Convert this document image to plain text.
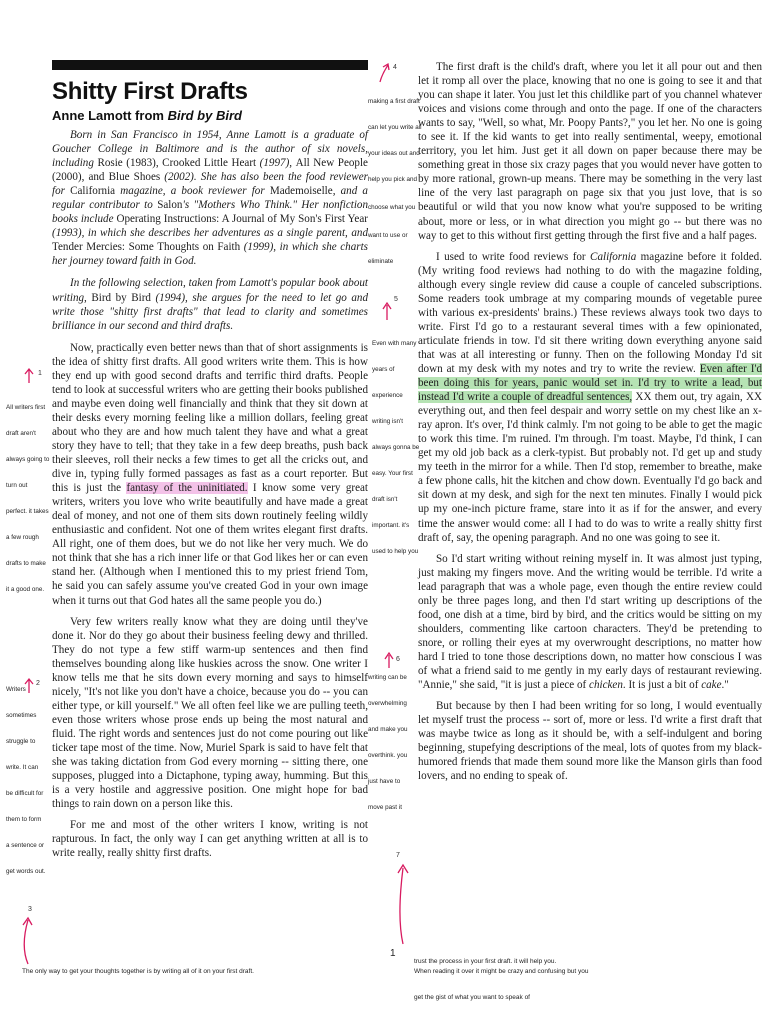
Shitty First Drafts
Anne Lamott from Bird by Bird

Born in San Francisco in 1954, Anne Lamott is a graduate of Goucher College in Baltimore and is the author of six novels, including Rosie (1983), Crooked Little Heart (1997), All New People (2000), and Blue Shoes (2002). She has also been the food reviewer for California magazine, a book reviewer for Mademoiselle, and a regular contributor to Salon's "Mothers Who Think." Her nonfiction books include Operating Instructions: A Journal of My Son's First Year (1993), in which she describes her adventures as a single parent, and Tender Mercies: Some Thoughts on Faith (1999), in which she charts her journey toward faith in God.

In the following selection, taken from Lamott's popular book about writing, Bird by Bird (1994), she argues for the need to let go and write those "shitty first drafts" that lead to clarity and sometimes brilliance in our second and third drafts.

Now, practically even better news than that of short assignments is the idea of shitty first drafts. All good writers write them. This is how they end up with good second drafts and terrific third drafts. People tend to look at successful writers who are getting their books published and maybe even doing well financially and think that they sit down at their desks every morning feeling like a million dollars, feeling great about who they are and how much talent they have and what a great story they have to tell; that they take in a few deep breaths, push back their sleeves, roll their necks a few times to get all the cricks out, and dive in, typing fully formed passages as fast as a court reporter. But this is just the fantasy of the uninitiated. I know some very great writers, writers you love who write beautifully and have made a great deal of money, and not one of them sits down routinely feeling wildly enthusiastic and confident. Not one of them writes elegant first drafts. All right, one of them does, but we do not like her very much. We do not think that she has a rich inner life or that God likes her or can even stand her. (Although when I mentioned this to my priest friend Tom, he said you can safely assume you've created God in your own image when it turns out that God hates all the same people you do.)

Very few writers really know what they are doing until they've done it. Nor do they go about their business feeling dewy and thrilled. They do not type a few stiff warm-up sentences and then find themselves bounding along like huskies across the snow. One writer I know tells me that he sits down every morning and says to himself nicely, "It's not like you don't have a choice, because you do -- you can either type, or kill yourself." We all often feel like we are pulling teeth, even those writers whose prose ends up being the most natural and fluid. The right words and sentences just do not come pouring out like ticker tape most of the time. Now, Muriel Spark is said to have felt that she was taking dictation from God every morning -- sitting there, one supposes, plugged into a Dictaphone, typing away, humming. But this is a very hostile and aggressive position. One might hope for bad things to rain down on a person like this.

For me and most of the other writers I know, writing is not rapturous. In fact, the only way I can get anything written at all is to write really, really shitty first drafts.

The first draft is the child's draft, where you let it all pour out and then let it romp all over the place, knowing that no one is going to see it and that you can shape it later. You just let this childlike part of you channel whatever voices and visions come through and onto the page. If one of the characters wants to say, "Well, so what, Mr. Poopy Pants?," you let her. No one is going to see it. If the kid wants to get into really sentimental, weepy, emotional territory, you let him. Just get it all down on paper because there may be something great in those six crazy pages that you would never have gotten to by more rational, grown-up means. There may be something in the very last line of the very last paragraph on page six that you just love, that is so beautiful or wild that you now know what you're supposed to be writing about, more or less, or in what direction you might go -- but there was no way to get to this without first getting through the first five and a half pages.

I used to write food reviews for California magazine before it folded. (My writing food reviews had nothing to do with the magazine folding, although every single review did cause a couple of canceled subscriptions. Some readers took umbrage at my comparing mounds of vegetable puree with various ex-presidents' brains.) These reviews always took two days to write. First I'd go to a restaurant several times with a few opinionated, articulate friends in tow. I'd sit there writing down everything anyone said that was at all interesting or funny. Then on the following Monday I'd sit down at my desk with my notes and try to write the review. Even after I'd been doing this for years, panic would set in. I'd try to write a lead, but instead I'd write a couple of dreadful sentences, XX them out, try again, XX everything out, and then feel despair and worry settle on my chest like an x-ray apron. It's over, I'd think calmly. I'm not going to be able to get the magic to work this time. I'm ruined. I'm through. I'm toast. Maybe, I'd think, I can get my old job back as a clerk-typist. But probably not. I'd get up and study my teeth in the mirror for a while. Then I'd stop, remember to breathe, make a few phone calls, hit the kitchen and chow down. Eventually I'd go back and sit down at my desk, and sigh for the next ten minutes. Finally I would pick up my one-inch picture frame, stare into it as if for the answer, and every time the answer would come: all I had to do was to write a really shitty first draft of, say, the opening paragraph. And no one was going to see it.

So I'd start writing without reining myself in. It was almost just typing, just making my fingers move. And the writing would be terrible. I'd write a lead paragraph that was a whole page, even though the entire review could only be three pages long, and then I'd start writing up descriptions of the food, one dish at a time, bird by bird, and the critics would be sitting on my shoulders, commenting like cartoon characters. They'd be pretending to snore, or rolling their eyes at my overwrought descriptions, no matter how hard I tried to tone those descriptions down, no matter how conscious I was of what a friend said to me gently in my early days of restaurant reviewing. "Annie," she said, "it is just a piece of chicken. It is just a bit of cake."

But because by then I had been writing for so long, I would eventually let myself trust the process -- sort of, more or less. I'd write a first draft that was maybe twice as long as it should be, with a self-indulgent and boring beginning, stupefying descriptions of the meal, lots of quotes from my black-humored friends that made them sound more like the Manson girls than food lovers, and no ending to speak of.

1
All writers first
draft aren't
always going to
turn out
perfect. it takes
a few rough
drafts to make
it a good one.
2
Writers
sometimes
struggle to
write. It can
be difficult for
them to form
a sentence or
get words out.
3
4
making a first draft
can let you write all
your ideas out and
help you pick and
choose what you
want to use or
eliminate
5
Even with many
years of
experience
writing isn't
always gonna be
easy. Your first
draft isn't
important. it's
used to help you
6
writing can be
overwhelming
and make you
overthink. you
just have to
move past it
7
1
The only way to get your thoughts together is by writing all of it on your first draft.
trust the process in your first draft. it will help you.
When reading it over it might be crazy and confusing but you
get the gist of what you want to speak of
